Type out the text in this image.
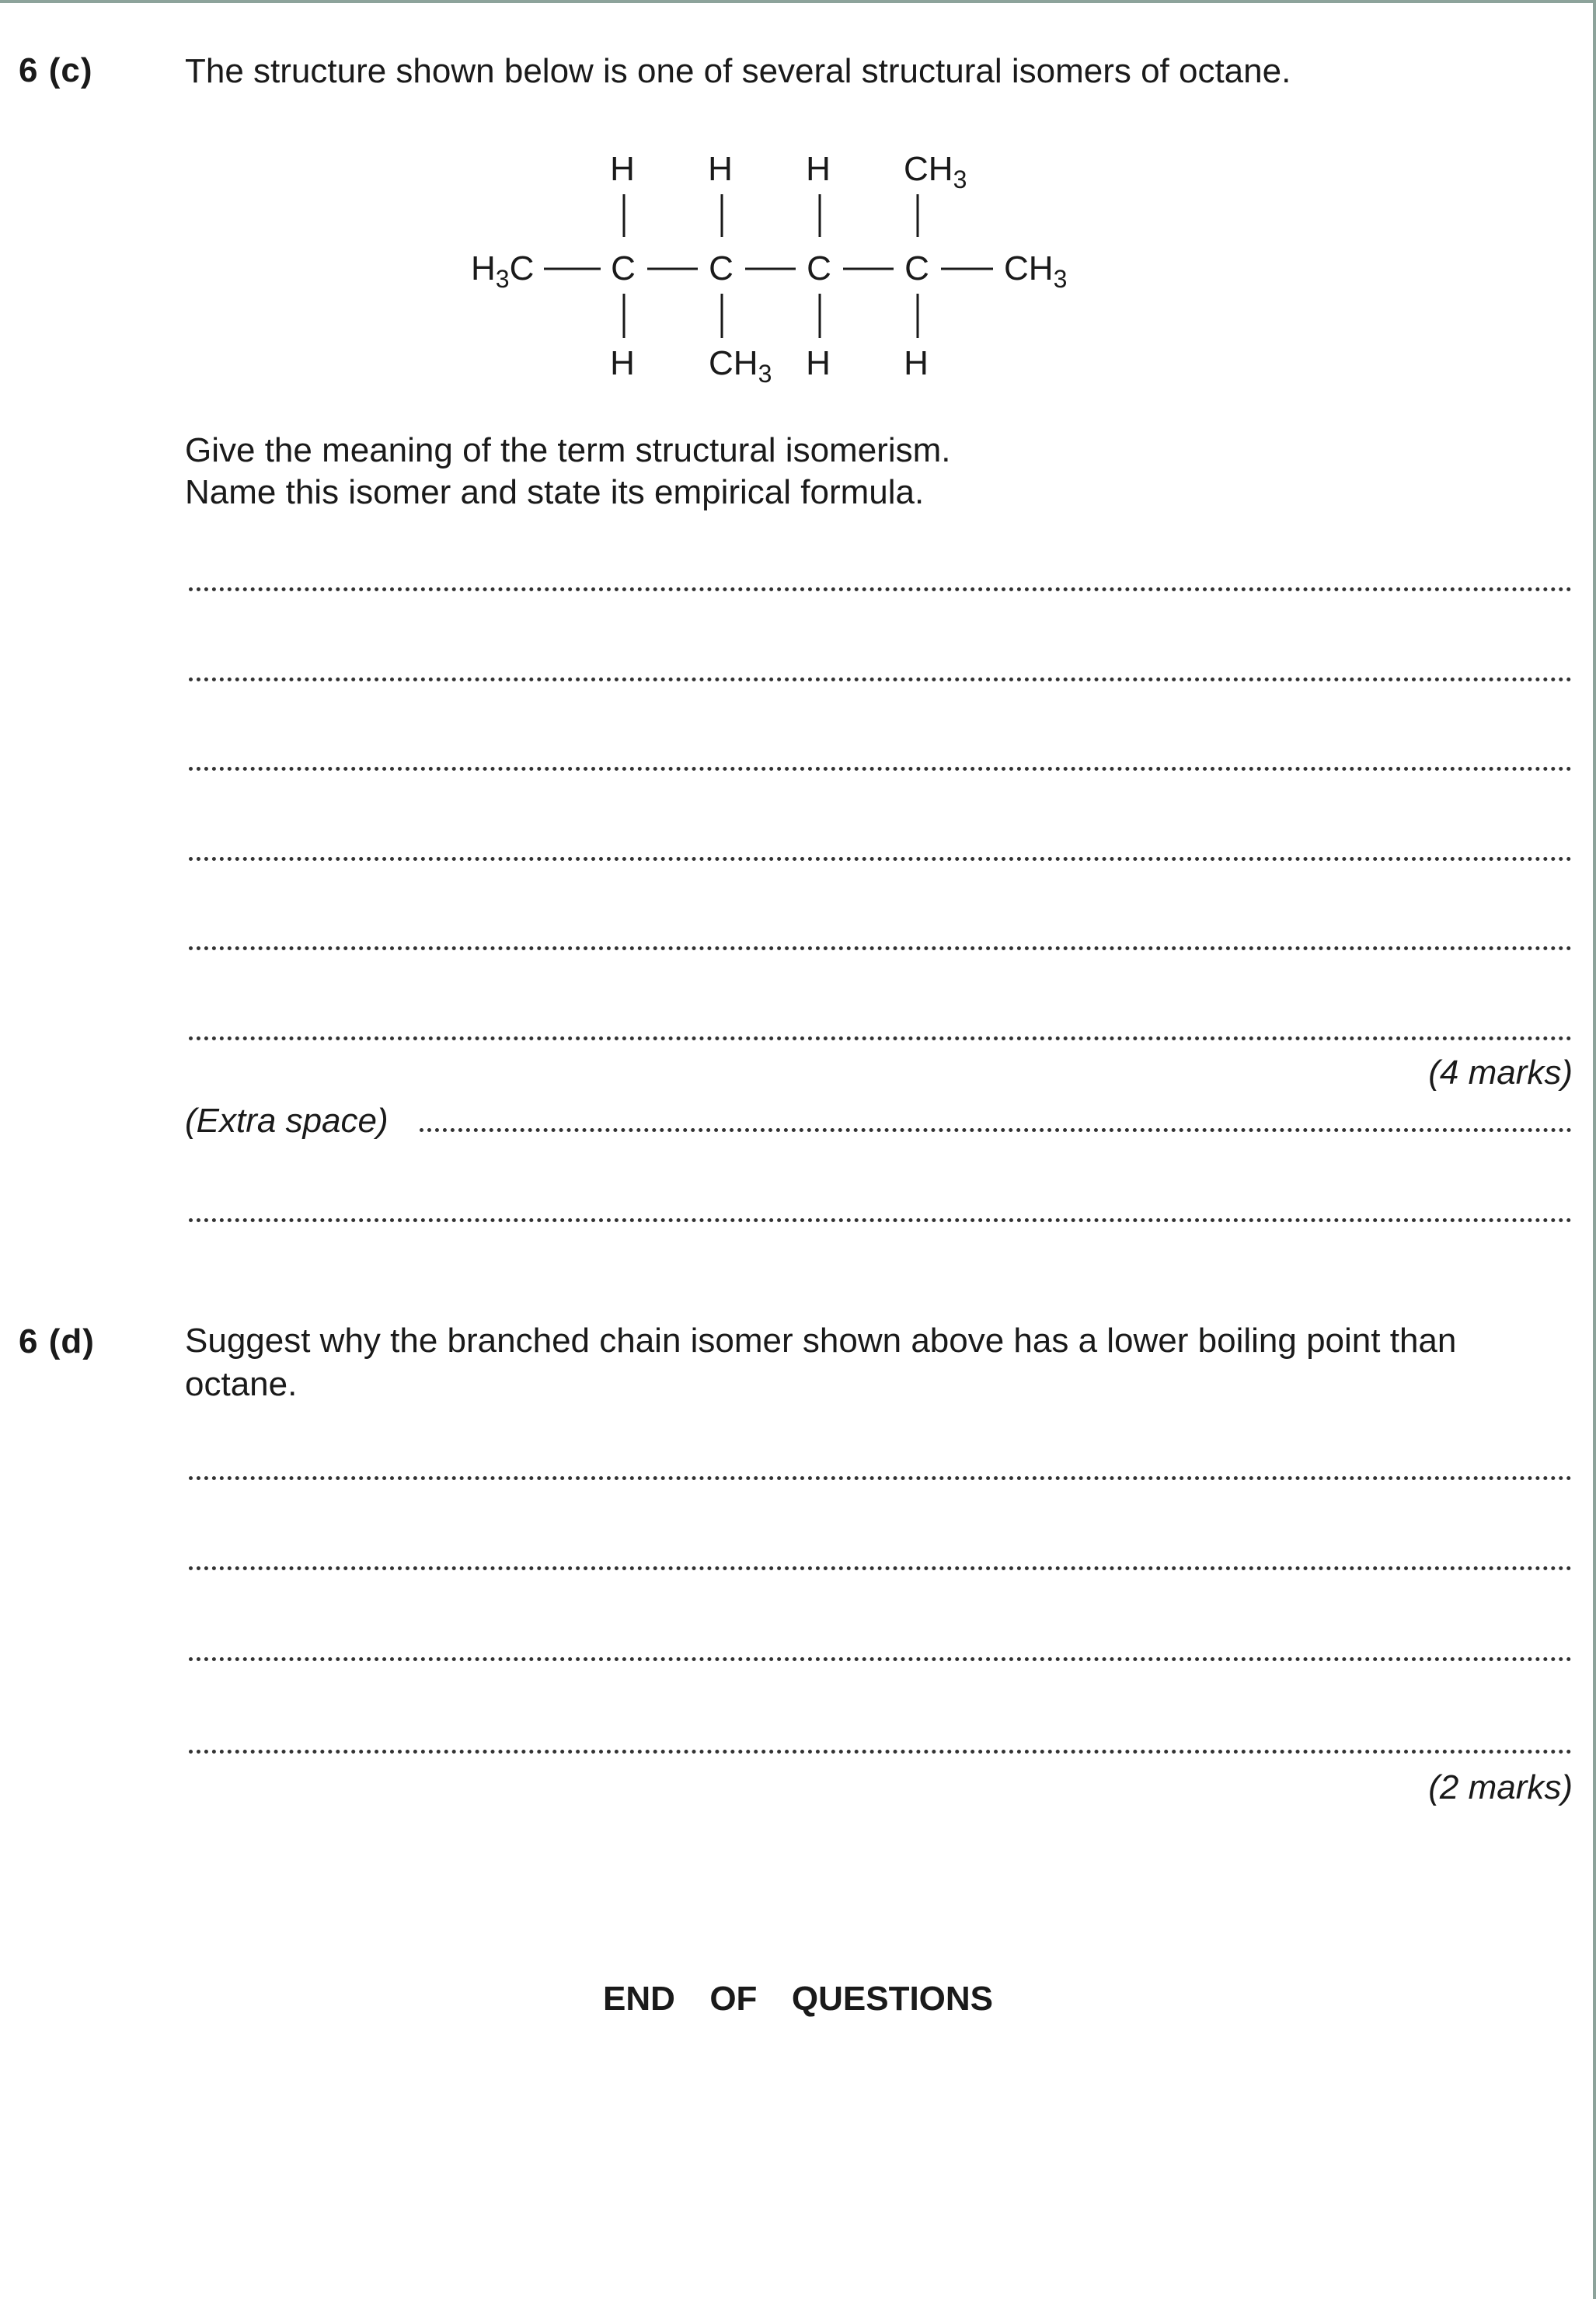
6 (c)	The structure shown below is one of several structural isomers of octane.
H H H $CH_3$
$H_3C$ C C C C $CH_3$
H $CH_3$ H H
Give the meaning of the term structural isomerism.
Name this isomer and state its empirical formula.
(4 marks)
(Extra space)
6 (d)	Suggest why the branched chain isomer shown above has a lower boiling point than
octane.
(2 marks)
END  OF  QUESTIONS
